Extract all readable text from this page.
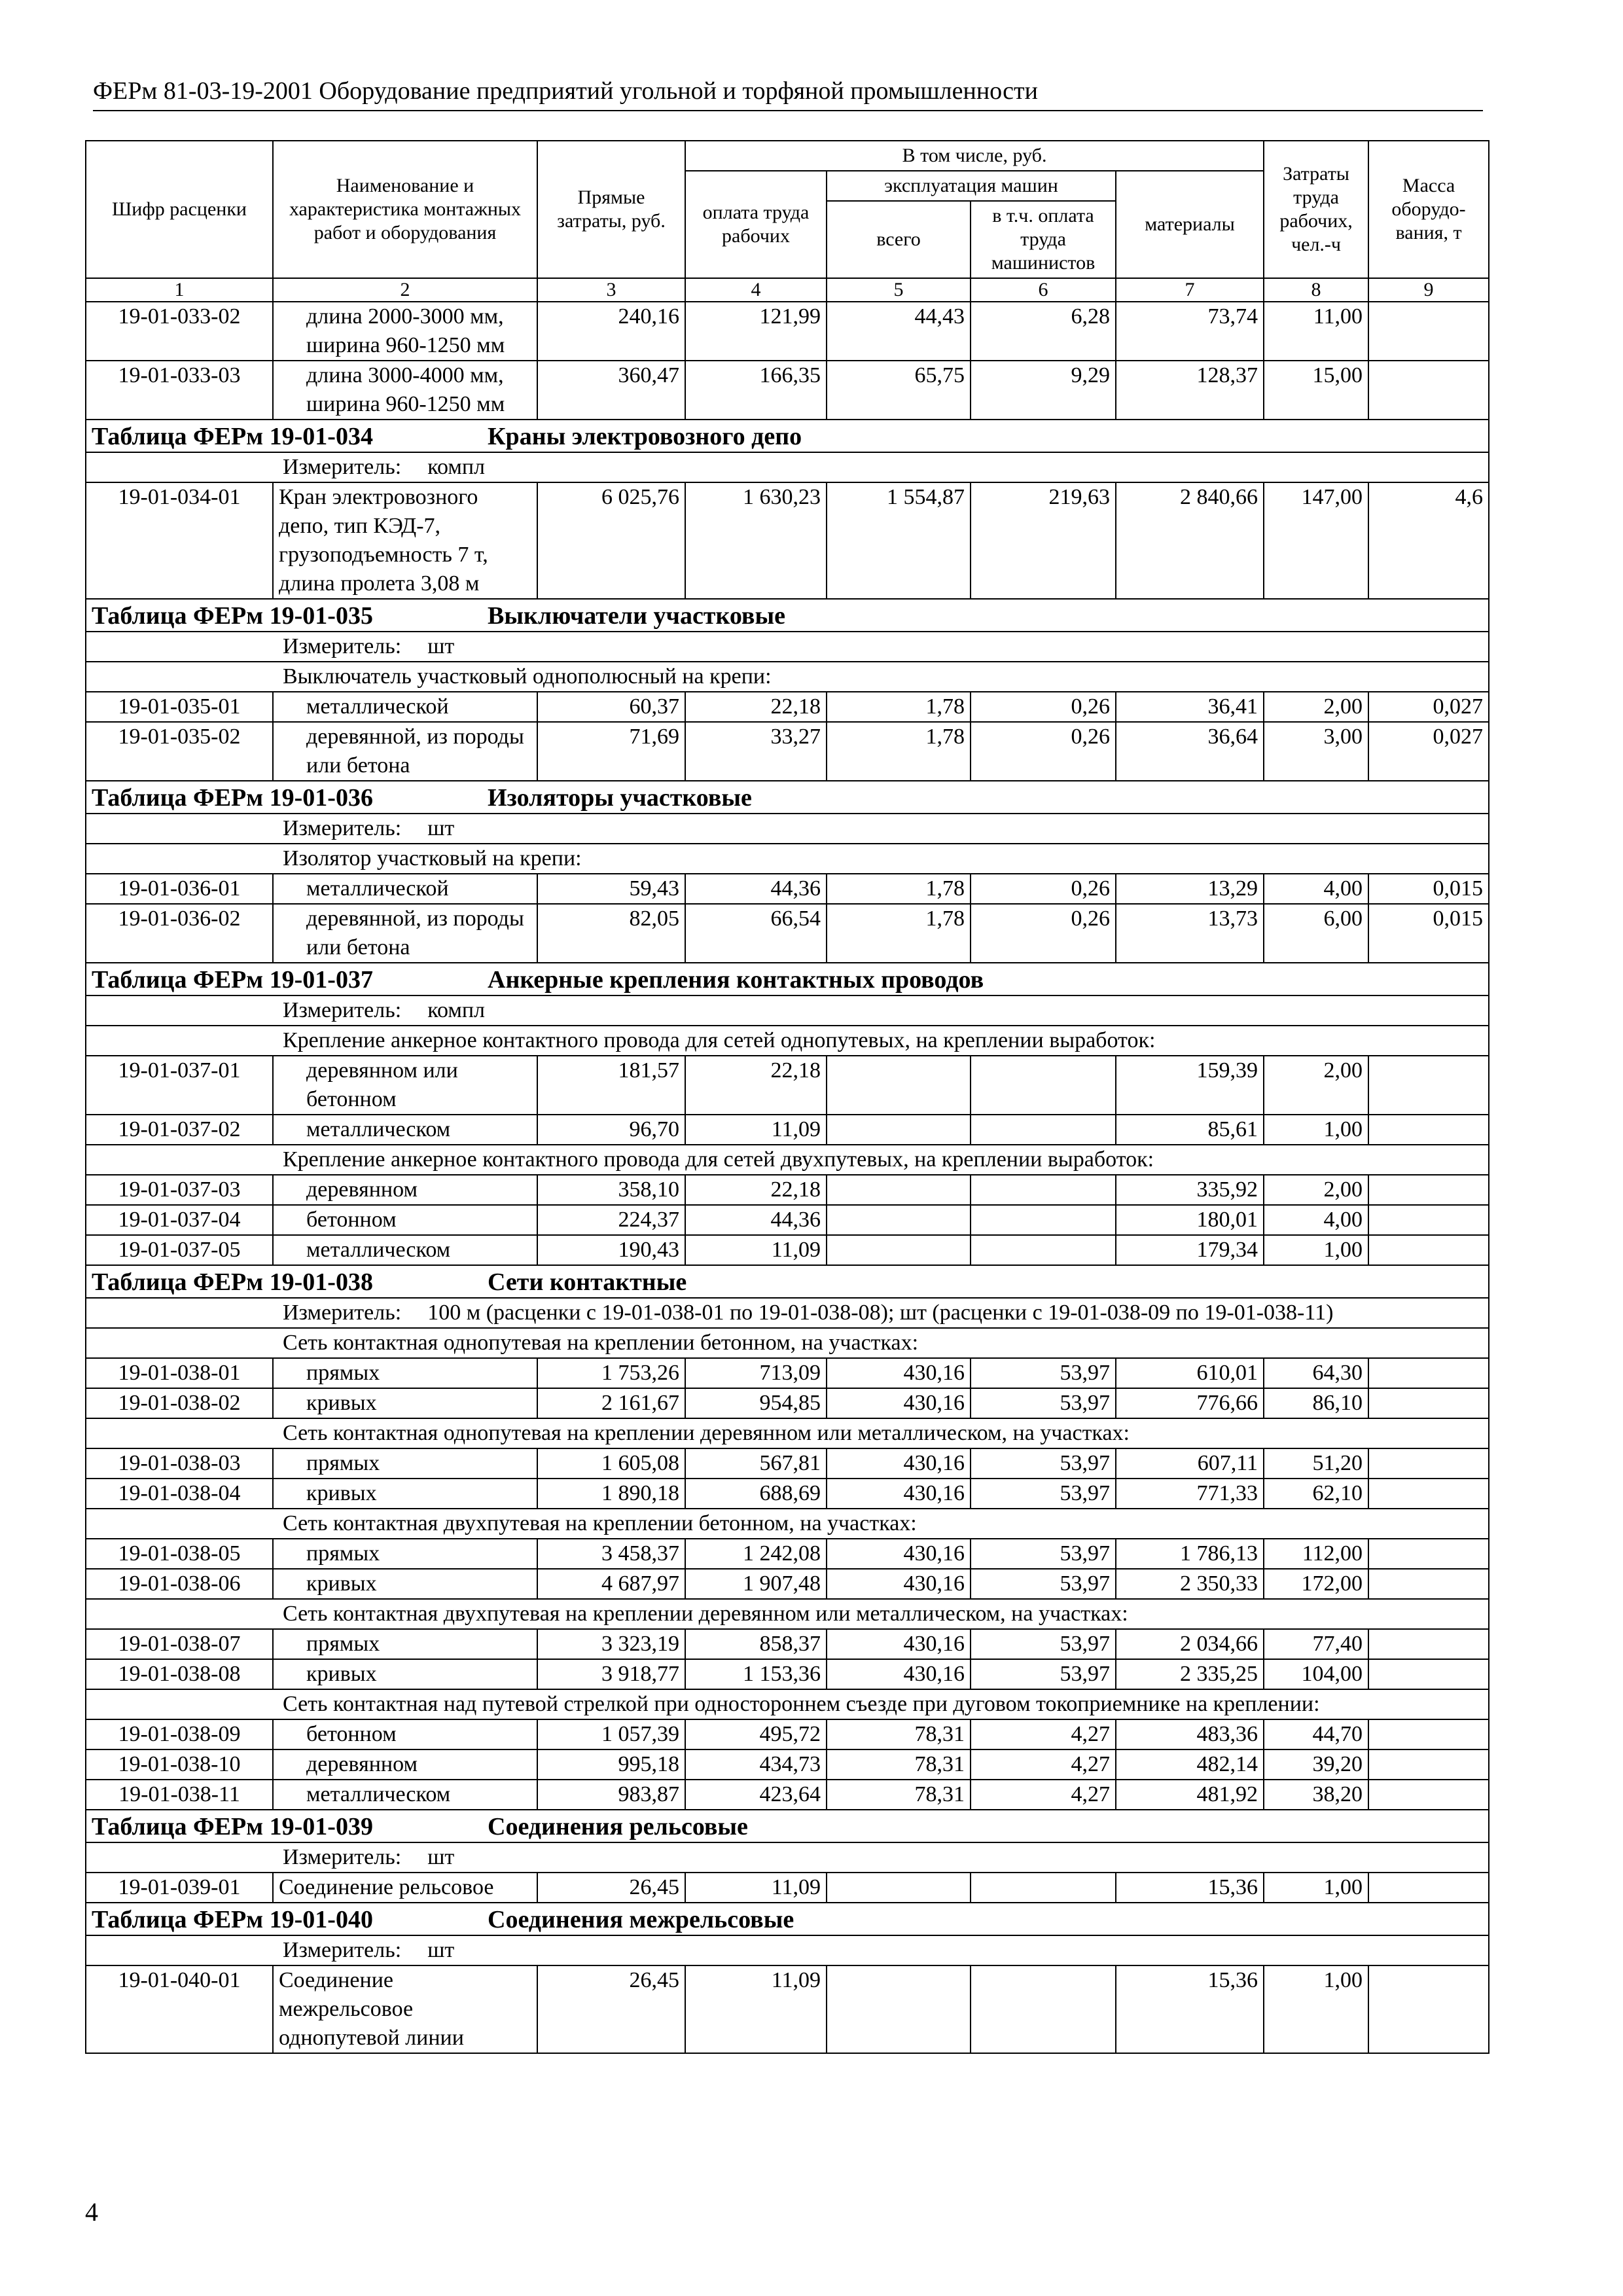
ФЕРм 81-03-19-2001 Оборудование предприятий угольной и торфяной промышленности
Шифр расценки	Наименование и характеристика монтажных работ и оборудования	Прямые затраты, руб.	В том числе, руб.				Затраты труда рабочих, чел.-ч	Масса оборудо-вания, т
			оплата труда рабочих	эксплуатация машин		материалы		
				всего	в т.ч. оплата труда машинистов			
1	2	3	4	5	6	7	8	9
19-01-033-02	длина 2000-3000 мм, ширина 960-1250 мм	240,16	121,99	44,43	6,28	73,74	11,00	
19-01-033-03	длина 3000-4000 мм, ширина 960-1250 мм	360,47	166,35	65,75	9,29	128,37	15,00	
Таблица ФЕРм 19-01-034 Краны электровозного депо								
Измеритель: компл								
19-01-034-01	Кран электровозного депо, тип КЭД-7, грузоподъемность 7 т, длина пролета 3,08 м	6 025,76	1 630,23	1 554,87	219,63	2 840,66	147,00	4,6
Таблица ФЕРм 19-01-035 Выключатели участковые								
Измеритель: шт								
Выключатель участковый однополюсный на крепи:								
19-01-035-01	металлической	60,37	22,18	1,78	0,26	36,41	2,00	0,027
19-01-035-02	деревянной, из породы или бетона	71,69	33,27	1,78	0,26	36,64	3,00	0,027
Таблица ФЕРм 19-01-036 Изоляторы участковые								
Измеритель: шт								
Изолятор участковый на крепи:								
19-01-036-01	металлической	59,43	44,36	1,78	0,26	13,29	4,00	0,015
19-01-036-02	деревянной, из породы или бетона	82,05	66,54	1,78	0,26	13,73	6,00	0,015
Таблица ФЕРм 19-01-037 Анкерные крепления контактных проводов								
Измеритель: компл								
Крепление анкерное контактного провода для сетей однопутевых, на креплении выработок:								
19-01-037-01	деревянном или бетонном	181,57	22,18			159,39	2,00	
19-01-037-02	металлическом	96,70	11,09			85,61	1,00	
Крепление анкерное контактного провода для сетей двухпутевых, на креплении выработок:								
19-01-037-03	деревянном	358,10	22,18			335,92	2,00	
19-01-037-04	бетонном	224,37	44,36			180,01	4,00	
19-01-037-05	металлическом	190,43	11,09			179,34	1,00	
Таблица ФЕРм 19-01-038 Сети контактные								
Измеритель: 100 м (расценки с 19-01-038-01 по 19-01-038-08); шт (расценки с 19-01-038-09 по 19-01-038-11)								
Сеть контактная однопутевая на креплении бетонном, на участках:								
19-01-038-01	прямых	1 753,26	713,09	430,16	53,97	610,01	64,30	
19-01-038-02	кривых	2 161,67	954,85	430,16	53,97	776,66	86,10	
Сеть контактная однопутевая на креплении деревянном или металлическом, на участках:								
19-01-038-03	прямых	1 605,08	567,81	430,16	53,97	607,11	51,20	
19-01-038-04	кривых	1 890,18	688,69	430,16	53,97	771,33	62,10	
Сеть контактная двухпутевая на креплении бетонном, на участках:								
19-01-038-05	прямых	3 458,37	1 242,08	430,16	53,97	1 786,13	112,00	
19-01-038-06	кривых	4 687,97	1 907,48	430,16	53,97	2 350,33	172,00	
Сеть контактная двухпутевая на креплении деревянном или металлическом, на участках:								
19-01-038-07	прямых	3 323,19	858,37	430,16	53,97	2 034,66	77,40	
19-01-038-08	кривых	3 918,77	1 153,36	430,16	53,97	2 335,25	104,00	
Сеть контактная над путевой стрелкой при одностороннем съезде при дуговом токоприемнике на креплении:								
19-01-038-09	бетонном	1 057,39	495,72	78,31	4,27	483,36	44,70	
19-01-038-10	деревянном	995,18	434,73	78,31	4,27	482,14	39,20	
19-01-038-11	металлическом	983,87	423,64	78,31	4,27	481,92	38,20	
Таблица ФЕРм 19-01-039 Соединения рельсовые								
Измеритель: шт								
19-01-039-01	Соединение рельсовое	26,45	11,09			15,36	1,00	
Таблица ФЕРм 19-01-040 Соединения межрельсовые								
Измеритель: шт								
19-01-040-01	Соединение межрельсовое однопутевой линии	26,45	11,09			15,36	1,00	
4
